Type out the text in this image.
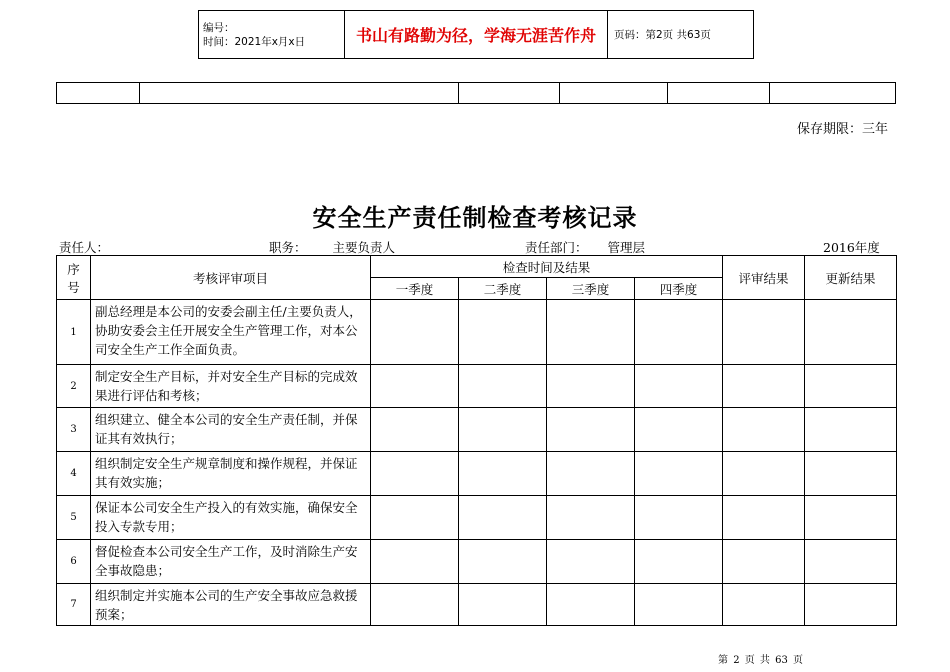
编号：
时间：2021年x月x日	书山有路勤为径，学海无涯苦作舟	页码：第2页 共63页

保存期限：三年
安全生产责任制检查考核记录
责任人：	职务： 主要负责人	责任部门： 管理层	2016年度
序
号	考核评审项目	检查时间及结果				评审结果	更新结果
		一季度	二季度	三季度	四季度		
1	副总经理是本公司的安委会副主任/主要负责人，协助安委会主任开展安全生产管理工作，对本公司安全生产工作全面负责。						
2	制定安全生产目标，并对安全生产目标的完成效果进行评估和考核；						
3	组织建立、健全本公司的安全生产责任制，并保证其有效执行；						
4	组织制定安全生产规章制度和操作规程，并保证其有效实施；						
5	保证本公司安全生产投入的有效实施，确保安全投入专款专用；						
6	督促检查本公司安全生产工作，及时消除生产安全事故隐患；						
7	组织制定并实施本公司的生产安全事故应急救援预案；						
第 2 页 共 63 页
